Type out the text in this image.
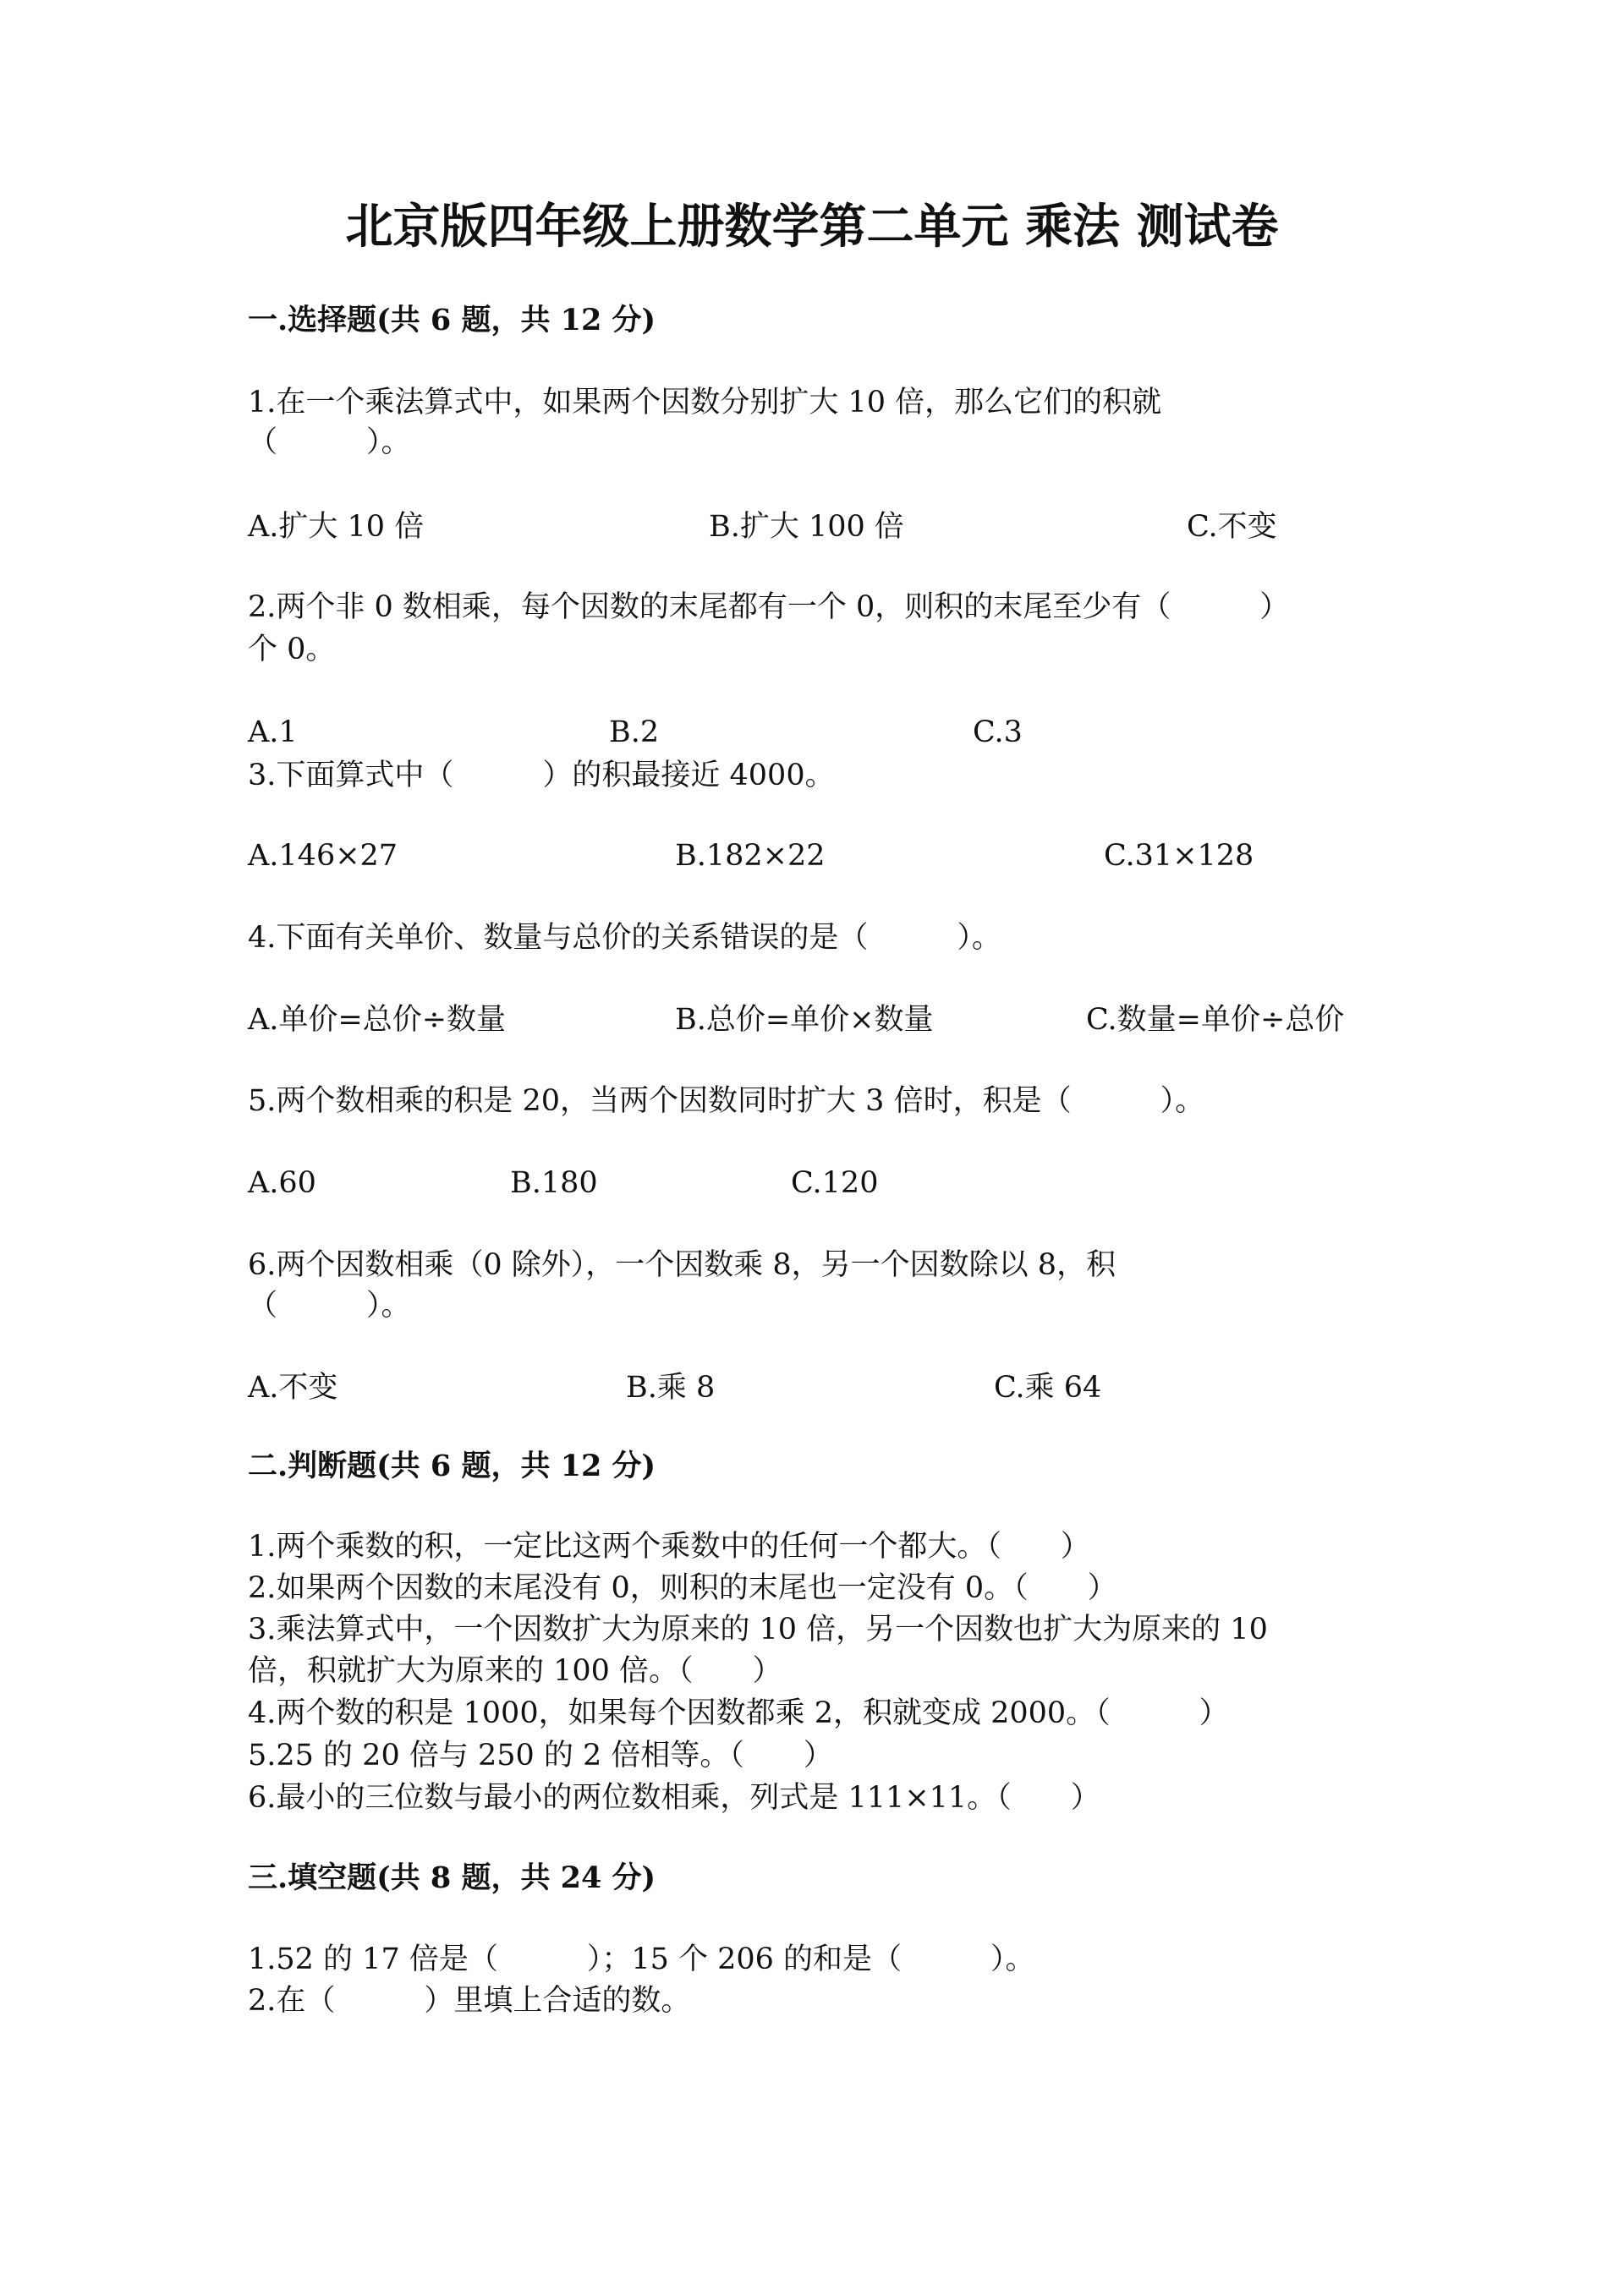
北京版四年级上册数学第二单元 乘法 测试卷
一.选择题(共 6 题，共 12 分)
1.在一个乘法算式中，如果两个因数分别扩大 10 倍，那么它们的积就
（　　　）。
A.扩大 10 倍	B.扩大 100 倍	C.不变
2.两个非 0 数相乘，每个因数的末尾都有一个 0，则积的末尾至少有（　　　）
个 0。
A.1	B.2	C.3
3.下面算式中（　　　）的积最接近 4000。
A.146×27	B.182×22	C.31×128
4.下面有关单价、数量与总价的关系错误的是（　　　）。
A.单价=总价÷数量	B.总价=单价×数量	C.数量=单价÷总价
5.两个数相乘的积是 20，当两个因数同时扩大 3 倍时，积是（　　　）。
A.60	B.180	C.120
6.两个因数相乘（0 除外），一个因数乘 8，另一个因数除以 8，积
（　　　）。
A.不变	B.乘 8	C.乘 64
二.判断题(共 6 题，共 12 分)
1.两个乘数的积，一定比这两个乘数中的任何一个都大。（　　）
2.如果两个因数的末尾没有 0，则积的末尾也一定没有 0。（　　）
3.乘法算式中，一个因数扩大为原来的 10 倍，另一个因数也扩大为原来的 10
倍，积就扩大为原来的 100 倍。（　　）
4.两个数的积是 1000，如果每个因数都乘 2，积就变成 2000。（　　　）
5.25 的 20 倍与 250 的 2 倍相等。（　　）
6.最小的三位数与最小的两位数相乘，列式是 111×11。（　　）
三.填空题(共 8 题，共 24 分)
1.52 的 17 倍是（　　　）；15 个 206 的和是（　　　）。
2.在（　　　）里填上合适的数。
